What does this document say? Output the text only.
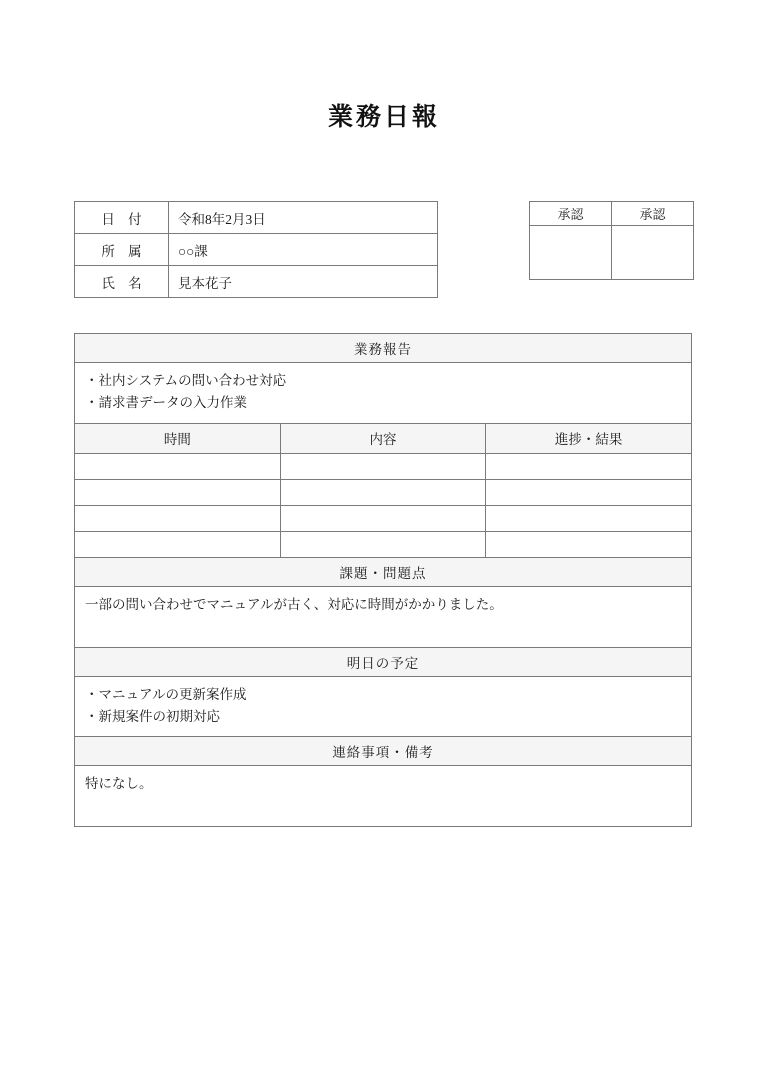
業務日報
日 付	令和8年2月3日
所 属	○○課
氏 名	見本花子
承認	承認

業務報告		

・社内システムの問い合わせ対応
・請求書データの入力作業		

時間	内容	進捗・結果

課題・問題点		
一部の問い合わせでマニュアルが古く、対応に時間がかかりました。		
明日の予定		

・マニュアルの更新案作成
・新規案件の初期対応		

連絡事項・備考		
特になし。		
